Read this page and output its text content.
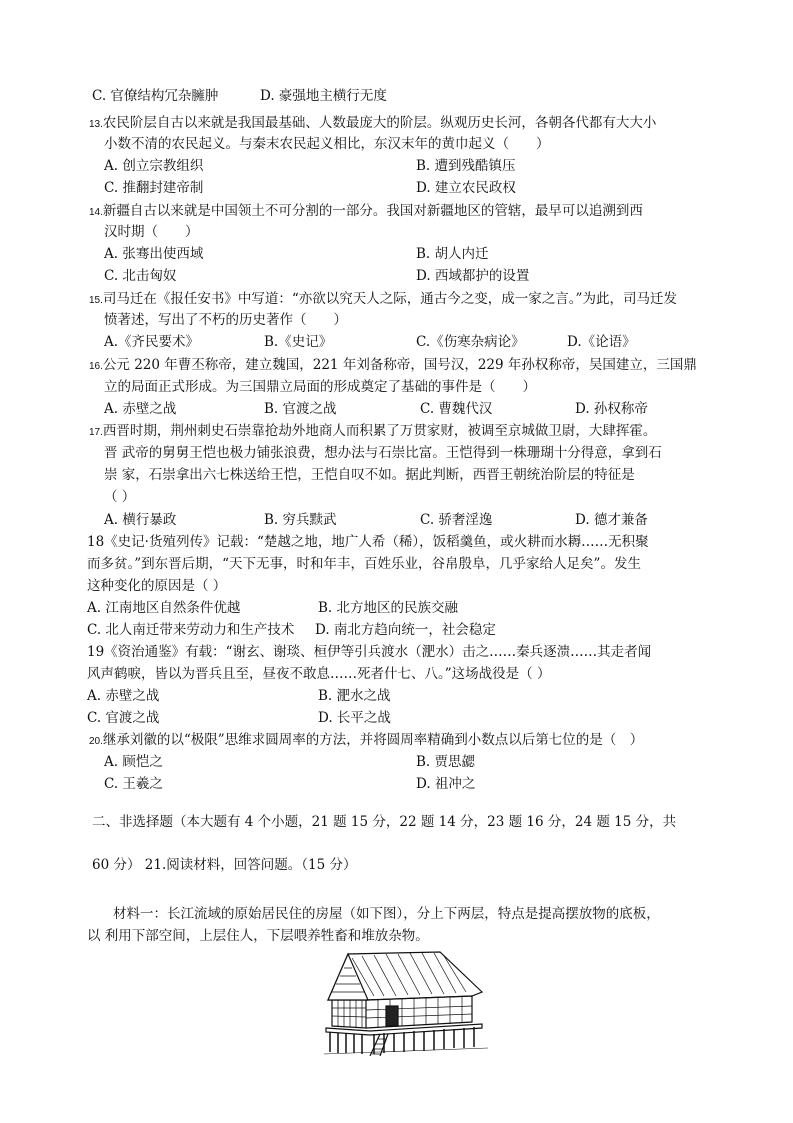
C. 官僚结构冗杂臃肿	D. 豪强地主横行无度
13.农民阶层自古以来就是我国最基础、人数最庞大的阶层。纵观历史长河，各朝各代都有大大小
小数不清的农民起义。与秦末农民起义相比，东汉末年的黄巾起义（　　）
A. 创立宗教组织	B. 遭到残酷镇压
C. 推翻封建帝制	D. 建立农民政权
14.新疆自古以来就是中国领土不可分割的一部分。我国对新疆地区的管辖，最早可以追溯到西
汉时期（　　）
A. 张骞出使西域	B. 胡人内迁
C. 北击匈奴	D. 西域都护的设置
15.司马迁在《报任安书》中写道：“亦欲以究天人之际，通古今之变，成一家之言。”为此，司马迁发
愤著述，写出了不朽的历史著作（　　）
A.《齐民要术》	B.《史记》	C.《伤寒杂病论》	D.《论语》
16.公元 220 年曹丕称帝，建立魏国，221 年刘备称帝，国号汉，229 年孙权称帝，吴国建立，三国鼎
立的局面正式形成。为三国鼎立局面的形成奠定了基础的事件是（　　）
A. 赤壁之战	B. 官渡之战	C. 曹魏代汉	D. 孙权称帝
17.西晋时期，荆州刺史石崇靠抢劫外地商人而积累了万贯家财，被调至京城做卫尉，大肆挥霍。
晋 武帝的舅舅王恺也极力铺张浪费，想办法与石崇比富。王恺得到一株珊瑚十分得意，拿到石
崇 家，石崇拿出六七株送给王恺，王恺自叹不如。据此判断，西晋王朝统治阶层的特征是
（ ）
A. 横行暴政	B. 穷兵黩武	C. 骄奢淫逸	D. 德才兼备
18《史记·货殖列传》记载：“楚越之地，地广人希（稀），饭稻羹鱼，或火耕而水耨……无积聚
而多贫。”到东晋后期，“天下无事，时和年丰，百姓乐业，谷帛殷阜，几乎家给人足矣”。发生
这种变化的原因是（ ）
A. 江南地区自然条件优越	B. 北方地区的民族交融
C. 北人南迁带来劳动力和生产技术 D. 南北方趋向统一，社会稳定
19《资治通鉴》有载：“谢玄、谢琰、桓伊等引兵渡水（淝水）击之……秦兵逐溃……其走者闻
风声鹤唳，皆以为晋兵且至，昼夜不敢息……死者什七、八。”这场战役是（ ）
A. 赤壁之战	B. 淝水之战
C. 官渡之战	D. 长平之战
20.继承刘徽的以“极限”思维求圆周率的方法，并将圆周率精确到小数点以后第七位的是（　）
A. 顾恺之	B. 贾思勰
C. 王羲之	D. 祖冲之
二、非选择题（本大题有 4 个小题，21 题 15 分，22 题 14 分，23 题 16 分，24 题 15 分，共
60 分） 21.阅读材料，回答问题。（15 分）
材料一：长江流域的原始居民住的房屋（如下图），分上下两层，特点是提高摆放物的底板，
以 利用下部空间，上层住人，下层喂养牲畜和堆放杂物。
